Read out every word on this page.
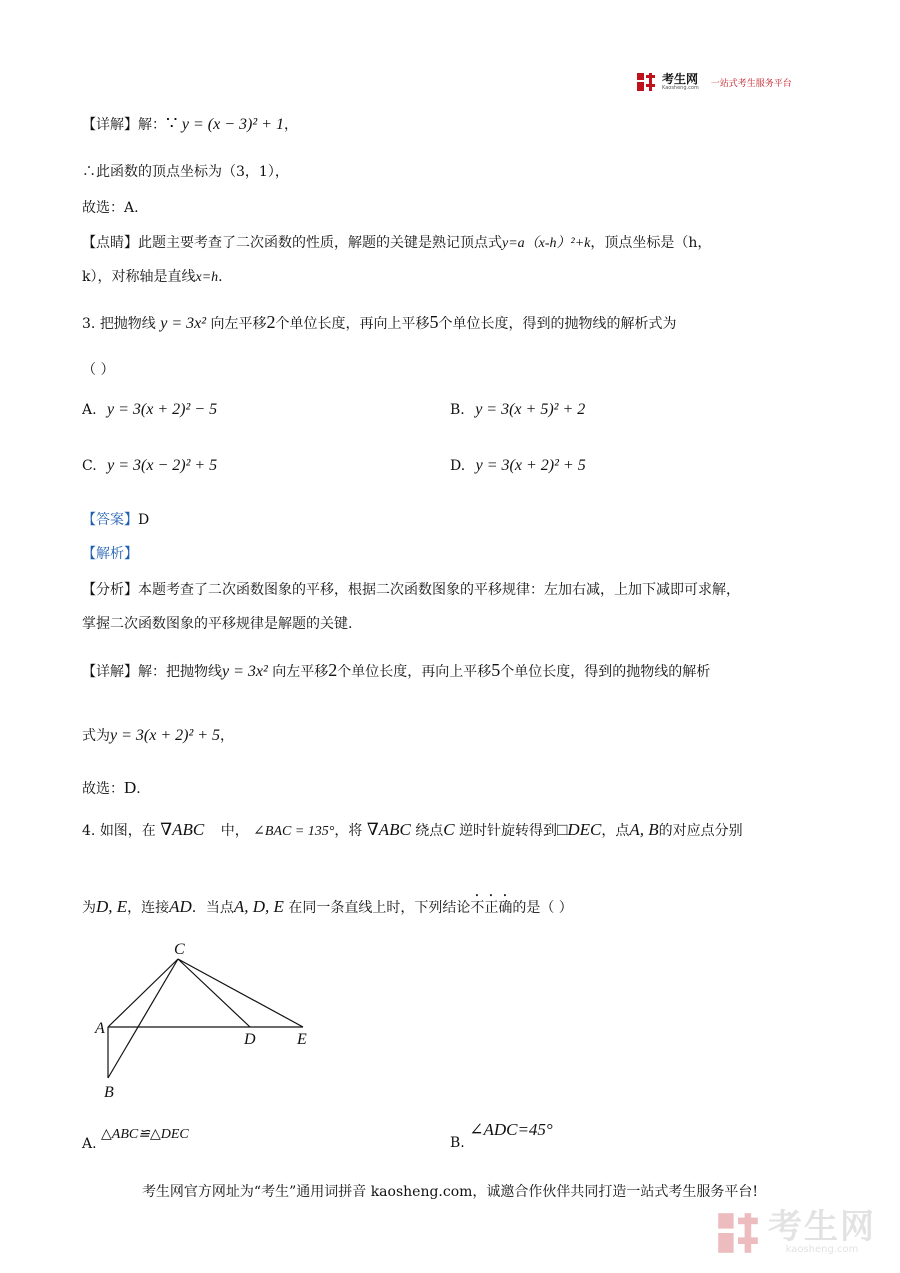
考生网
Kaosheng.com 一站式考生服务平台
【详解】解：∵ y = (x − 3)² + 1，
∴此函数的顶点坐标为（3，1），
故选：A.
【点睛】此题主要考查了二次函数的性质，解题的关键是熟记顶点式y=a（x-h）²+k，顶点坐标是（h，
k），对称轴是直线x=h.
3. 把抛物线 y = 3x² 向左平移2个单位长度，再向上平移5个单位长度，得到的抛物线的解析式为
（ ）
A. y = 3(x + 2)² − 5	B. y = 3(x + 5)² + 2
C. y = 3(x − 2)² + 5	D. y = 3(x + 2)² + 5
【答案】D
【解析】
【分析】本题考查了二次函数图象的平移，根据二次函数图象的平移规律：左加右减，上加下减即可求解，
掌握二次函数图象的平移规律是解题的关键.
【详解】解：把抛物线y = 3x² 向左平移2个单位长度，再向上平移5个单位长度，得到的抛物线的解析
式为y = 3(x + 2)² + 5，
故选：D.
4. 如图，在 ∇ABC 中， ∠BAC = 135°，将 ∇ABC 绕点C 逆时针旋转得到□DEC，点A, B的对应点分别
为D, E，连接AD．当点A, D, E 在同一条直线上时，下列结论不正确的是（ ）
C
A
B
D	E
A. △ABC≌△DEC
B. ∠ADC=45°
考生网官方网址为“考生”通用词拼音 kaosheng.com，诚邀合作伙伴共同打造一站式考生服务平台!
考生网
kaosheng.com
